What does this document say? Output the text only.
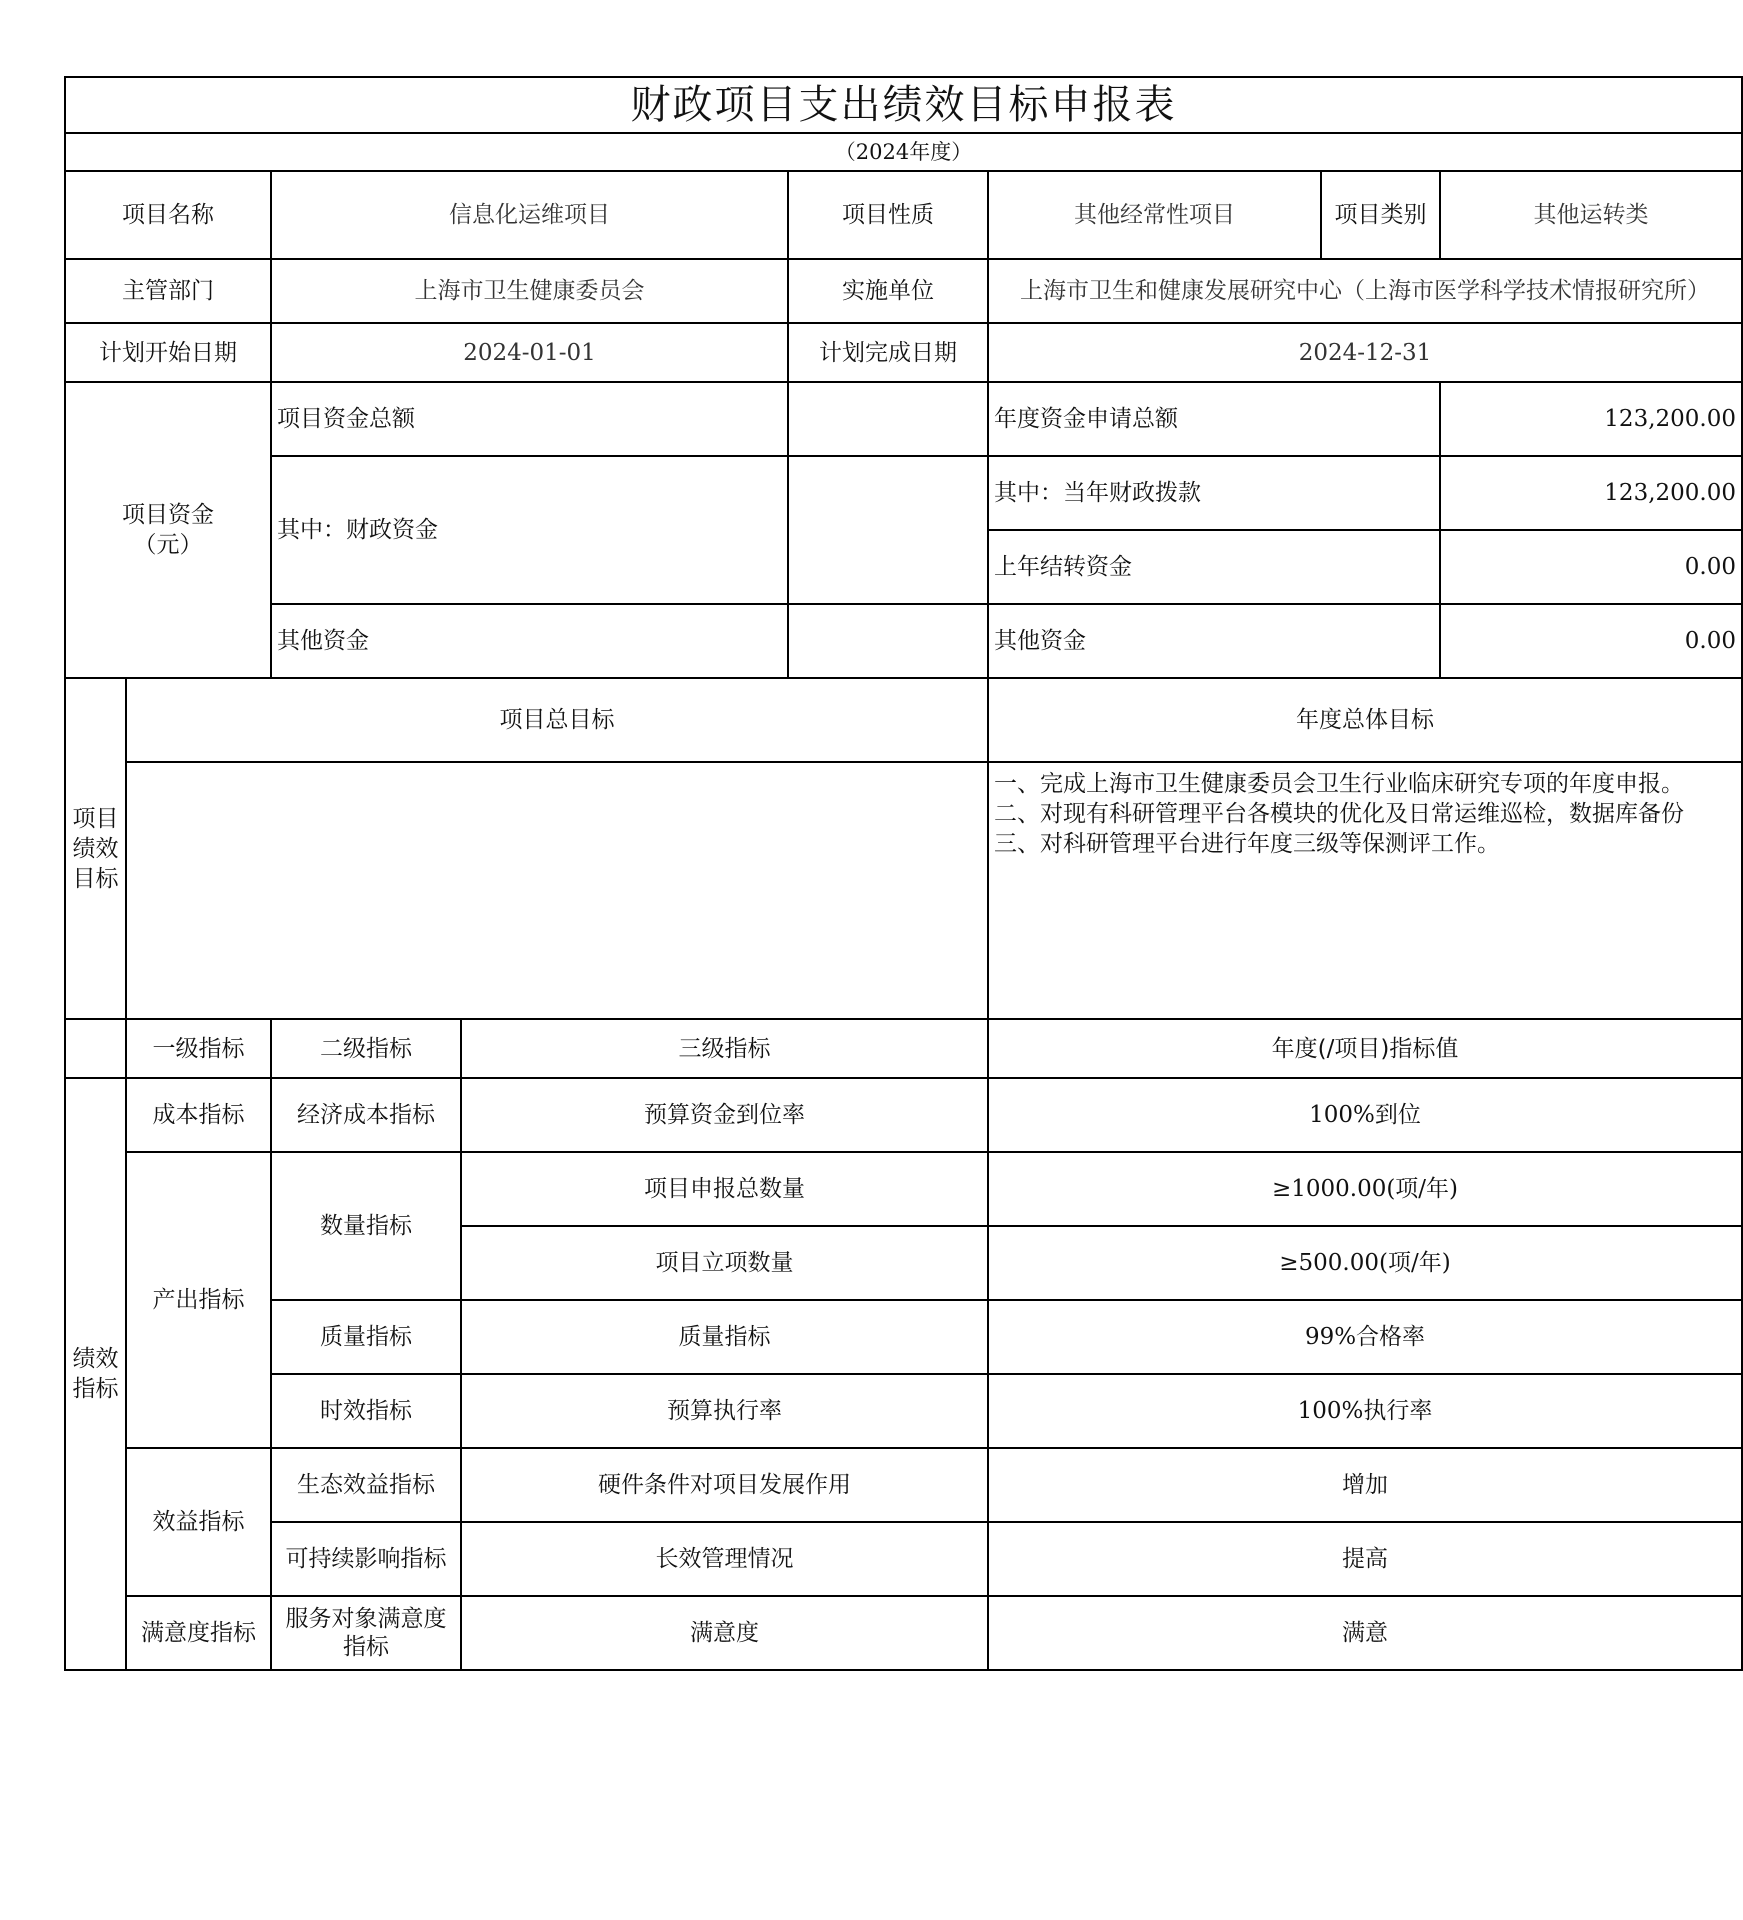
财政项目支出绩效目标申报表							
（2024年度）							
项目名称		信息化运维项目		项目性质	其他经常性项目	项目类别	其他运转类
主管部门		上海市卫生健康委员会		实施单位	上海市卫生和健康发展研究中心（上海市医学科学技术情报研究所）		
计划开始日期		2024-01-01		计划完成日期	2024-12-31		
项目资金
（元）		项目资金总额			年度资金申请总额		123,200.00
		其中：财政资金			其中：当年财政拨款		123,200.00
					上年结转资金		0.00
		其他资金			其他资金		0.00
项目
绩效
目标	项目总目标				年度总体目标		

					一、完成上海市卫生健康委员会卫生行业临床研究专项的年度申报。
二、对现有科研管理平台各模块的优化及日常运维巡检，数据库备份
三、对科研管理平台进行年度三级等保测评工作。		

	一级指标	二级指标	三级指标		年度(/项目)指标值		
绩效
指标	成本指标	经济成本指标	预算资金到位率		100%到位		
	产出指标	数量指标	项目申报总数量		≥1000.00(项/年)		
			项目立项数量		≥500.00(项/年)		
		质量指标	质量指标		99%合格率		
		时效指标	预算执行率		100%执行率		
	效益指标	生态效益指标	硬件条件对项目发展作用		增加		
		可持续影响指标	长效管理情况		提高		
	满意度指标	服务对象满意度指标	满意度		满意		
